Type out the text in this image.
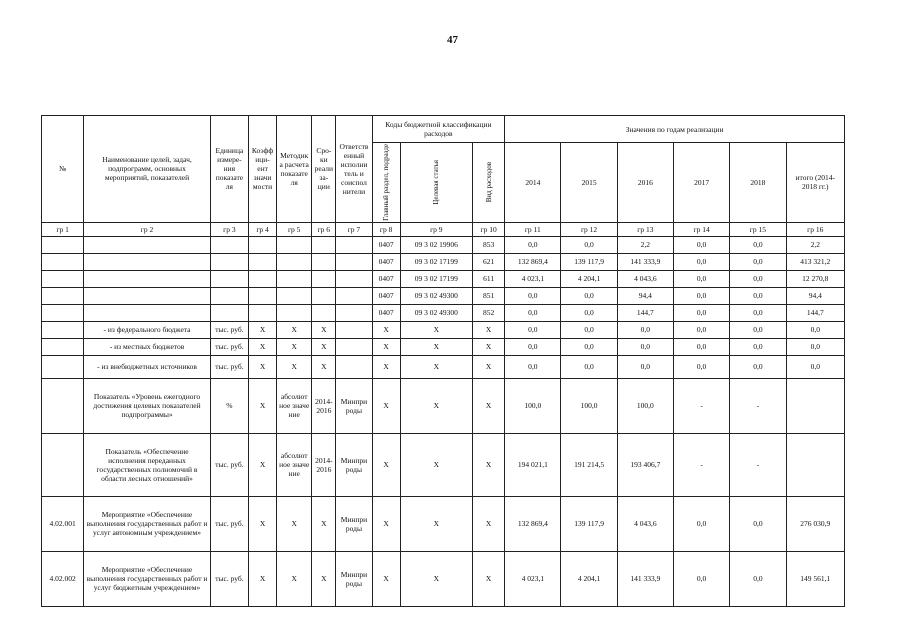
47
№	Наименование целей, задач, подпрограмм, основных мероприятий, показателей	Единица измере-ния показате ля	Коэфф ици-ент значи мости	Методик а расчета показате ля	Сро-ки реали за-ции	Ответств енный исполни тель и соиспол нители	Коды бюджетной классификации расходов			Значения по годам реализации					

							Главный раздел, подразде	Целевая статья	Вид расходов	2014	2015	2016	2017	2018	итого (2014-2018 гг.)
гр 1	гр 2	гр 3	гр 4	гр 5	гр 6	гр 7	гр 8	гр 9	гр 10	гр 11	гр 12	гр 13	гр 14	гр 15	гр 16
							0407	09 3 02 19906	853	0,0	0,0	2,2	0,0	0,0	2,2
							0407	09 3 02 17199	621	132 869,4	139 117,9	141 333,9	0,0	0,0	413 321,2
							0407	09 3 02 17199	611	4 023,1	4 204,1	4 043,6	0,0	0,0	12 270,8
							0407	09 3 02 49300	851	0,0	0,0	94,4	0,0	0,0	94,4
							0407	09 3 02 49300	852	0,0	0,0	144,7	0,0	0,0	144,7
	- из федерального бюджета	тыс. руб.	Х	Х	Х		Х	Х	Х	0,0	0,0	0,0	0,0	0,0	0,0
	- из местных бюджетов	тыс. руб.	Х	Х	Х		Х	Х	Х	0,0	0,0	0,0	0,0	0,0	0,0
	- из внебюджетных источников	тыс. руб.	Х	Х	Х		Х	Х	Х	0,0	0,0	0,0	0,0	0,0	0,0
	Показатель «Уровень ежегодного достижения целевых показателей подпрограммы»	%	Х	абсолют ное значе ние	2014-2016	Минпри роды	Х	Х	Х	100,0	100,0	100,0	-	-	
	Показатель «Обеспечение исполнения переданных государственных полномочий в области лесных отношений»	тыс. руб.	Х	абсолют ное значе ние	2014-2016	Минпри роды	Х	Х	Х	194 021,1	191 214,5	193 406,7	-	-	
4.02.001	Мероприятие «Обеспечение выполнения государственных работ и услуг автономным учреждением»	тыс. руб.	Х	Х	Х	Минпри роды	Х	Х	Х	132 869,4	139 117,9	4 043,6	0,0	0,0	276 030,9
4.02.002	Мероприятие «Обеспечение выполнения государственных работ и услуг бюджетным учреждением»	тыс. руб.	Х	Х	Х	Минпри роды	Х	Х	Х	4 023,1	4 204,1	141 333,9	0,0	0,0	149 561,1
